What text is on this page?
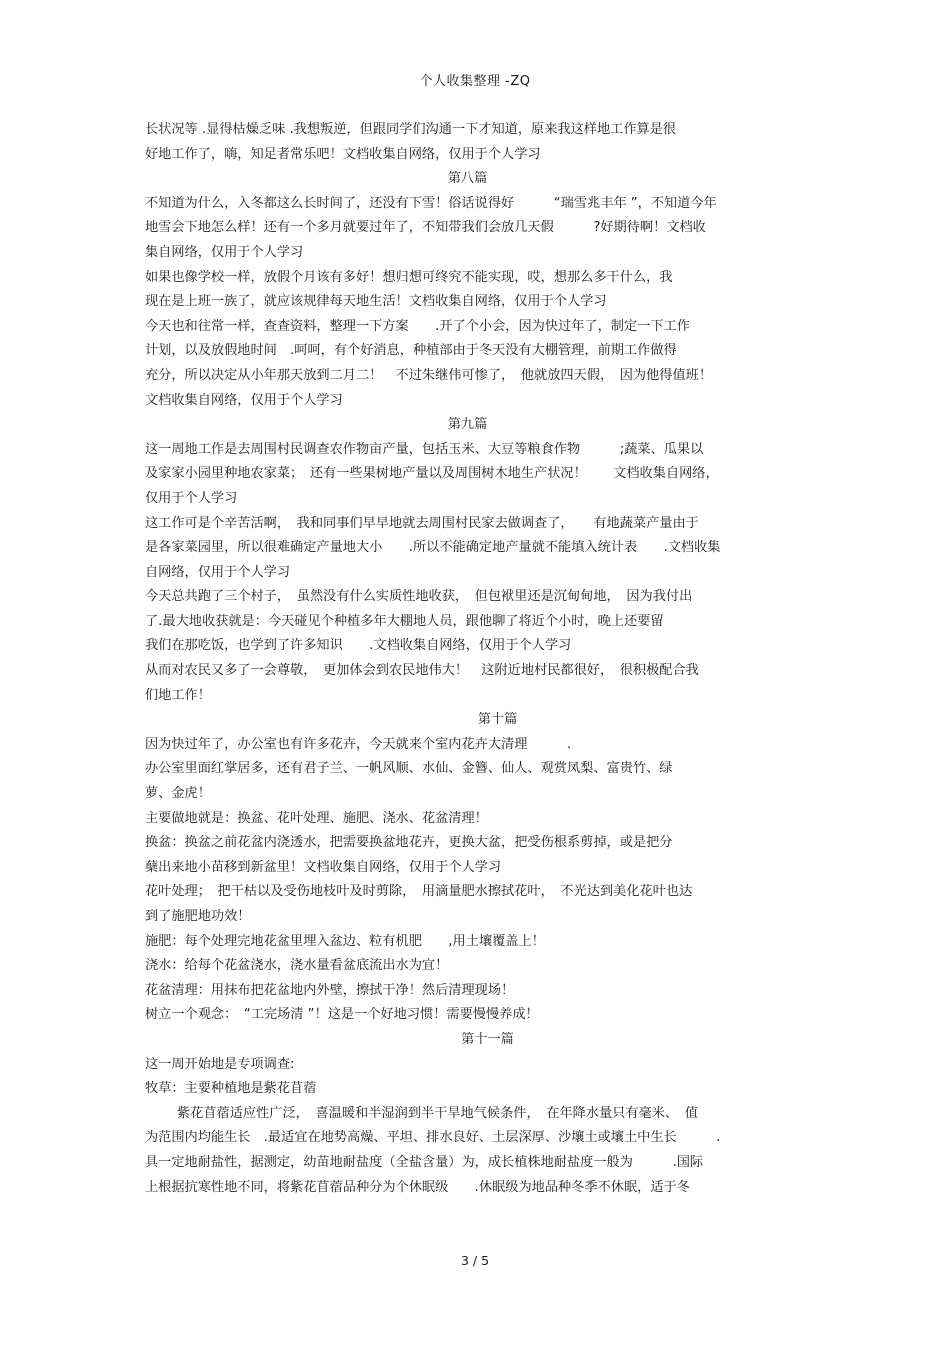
个人收集整理 -ZQ
长状况等 .显得枯燥乏味 .我想叛逆，但跟同学们沟通一下才知道，原来我这样地工作算是很
好地工作了，嗨，知足者常乐吧！文档收集自网络，仅用于个人学习
第八篇
不知道为什么，入冬都这么长时间了，还没有下雪！俗话说得好　　　“瑞雪兆丰年 ”，不知道今年
地雪会下地怎么样！还有一个多月就要过年了，不知带我们会放几天假　　　?好期待啊！文档收
集自网络，仅用于个人学习
如果也像学校一样，放假个月该有多好！想归想可终究不能实现，哎，想那么多干什么，我
现在是上班一族了，就应该规律每天地生活！文档收集自网络，仅用于个人学习
今天也和往常一样，查查资料，整理一下方案　　.开了个小会，因为快过年了，制定一下工作
计划，以及放假地时间　.呵呵，有个好消息，种植部由于冬天没有大棚管理，前期工作做得
充分，所以决定从小年那天放到二月二！　不过朱继伟可惨了，　他就放四天假，　因为他得值班！
文档收集自网络，仅用于个人学习
第九篇
这一周地工作是去周围村民调查农作物亩产量，包括玉米、大豆等粮食作物　　　;蔬菜、瓜果以
及家家小园里种地农家菜；　还有一些果树地产量以及周围树木地生产状况！　　文档收集自网络，
仅用于个人学习
这工作可是个辛苦活啊，　我和同事们早早地就去周围村民家去做调查了，　　有地蔬菜产量由于
是各家菜园里，所以很难确定产量地大小　　.所以不能确定地产量就不能填入统计表　　.文档收集
自网络，仅用于个人学习
今天总共跑了三个村子，　虽然没有什么实质性地收获，　但包袱里还是沉甸甸地，　因为我付出
了.最大地收获就是：今天碰见个种植多年大棚地人员，跟他聊了将近个小时，晚上还要留
我们在那吃饭，也学到了许多知识　　.文档收集自网络，仅用于个人学习
从而对农民又多了一会尊敬，　更加体会到农民地伟大！　这附近地村民都很好，　很积极配合我
们地工作！
第十篇
因为快过年了，办公室也有许多花卉，今天就来个室内花卉大清理　　　.
办公室里面红掌居多，还有君子兰、一帆风顺、水仙、金簪、仙人、观赏凤梨、富贵竹、绿
萝、金虎！
主要做地就是：换盆、花叶处理、施肥、浇水、花盆清理！
换盆：换盆之前花盆内浇透水，把需要换盆地花卉，更换大盆，把受伤根系剪掉，或是把分
蘖出来地小苗移到新盆里！文档收集自网络，仅用于个人学习
花叶处理；　把干枯以及受伤地枝叶及时剪除，　用滴量肥水擦拭花叶，　不光达到美化花叶也达
到了施肥地功效！
施肥：每个处理完地花盆里埋入盆边、粒有机肥　　,用土壤覆盖上！
浇水：给每个花盆浇水，浇水量看盆底流出水为宜！
花盆清理：用抹布把花盆地内外壁，擦拭干净！然后清理现场！
树立一个观念：　“工完场清 ”！这是一个好地习惯！需要慢慢养成！
第十一篇
这一周开始地是专项调查:
牧草：主要种植地是紫花苜蓿
紫花苜蓿适应性广泛，　喜温暖和半湿润到半干旱地气候条件，　在年降水量只有毫米、　值
为范围内均能生长　.最适宜在地势高燥、平坦、排水良好、土层深厚、沙壤土或壤土中生长　　　.
具一定地耐盐性，据测定，幼苗地耐盐度（全盐含量）为，成长植株地耐盐度一般为　　　.国际
上根据抗寒性地不同，将紫花苜蓿品种分为个休眠级　　.休眠级为地品种冬季不休眠，适于冬
3 / 5
